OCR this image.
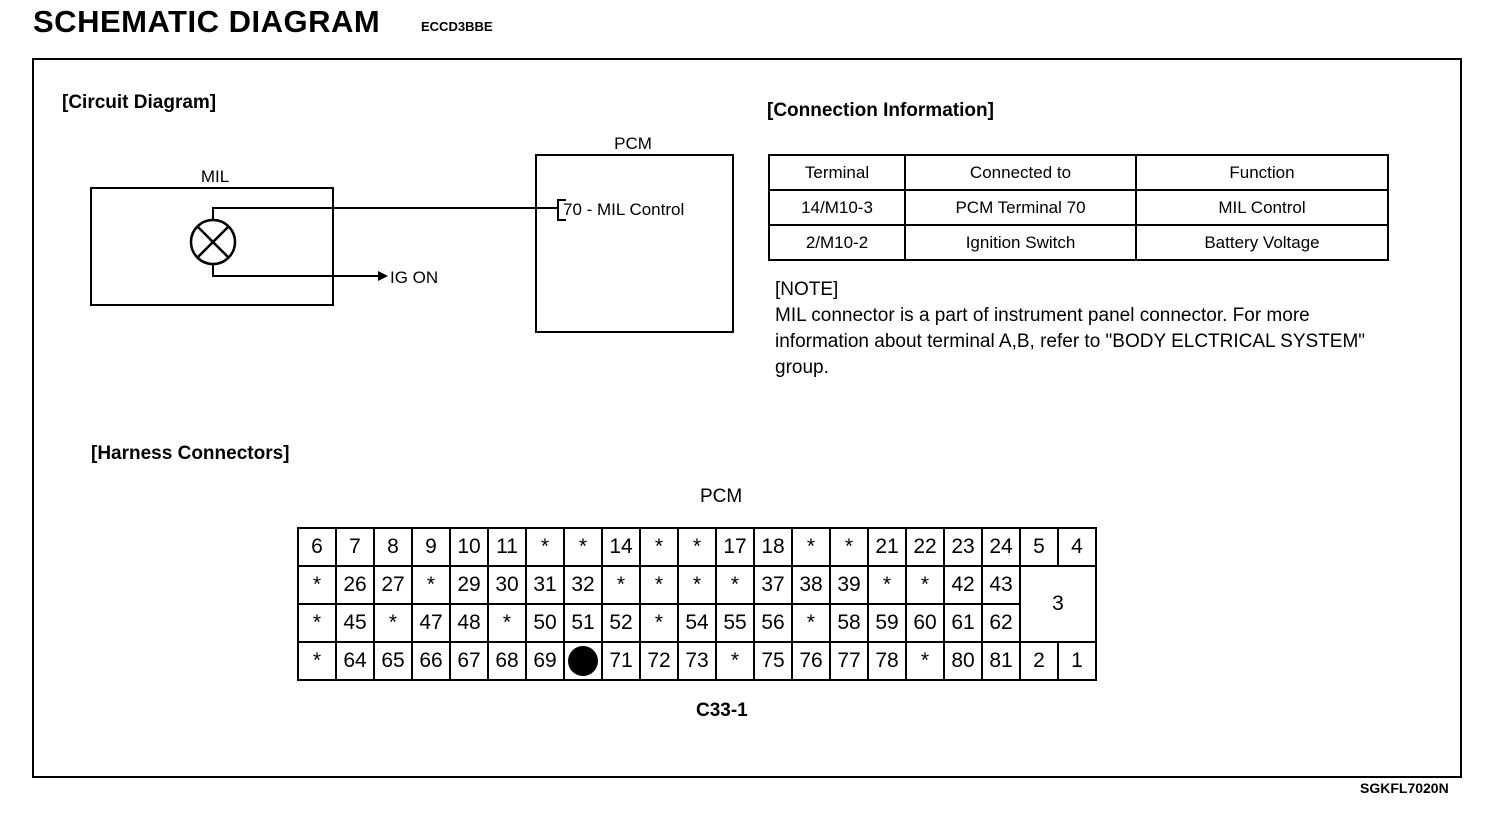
SCHEMATIC DIAGRAM	ECCD3BBE
[Circuit Diagram]
MIL
IG ON
PCM
70 - MIL Control
[Connection Information]
Terminal	Connected to	Function
14/M10-3	PCM Terminal 70	MIL Control
2/M10-2	Ignition Switch	Battery Voltage
[NOTE]
MIL connector is a part of instrument panel connector. For more information about terminal A,B, refer to "BODY ELCTRICAL SYSTEM" group.
[Harness Connectors]
PCM
6	7	8	9	10	11	*	*	14	*	*	17	18	*	*	21	22	23	24	5	4
*	26	27	*	29	30	31	32	*	*	*	*	37	38	39	*	*	42	43	3	
*	45	*	47	48	*	50	51	52	*	54	55	56	*	58	59	60	61	62		
*	64	65	66	67	68	69		71	72	73	*	75	76	77	78	*	80	81	2	1
C33-1
SGKFL7020N
